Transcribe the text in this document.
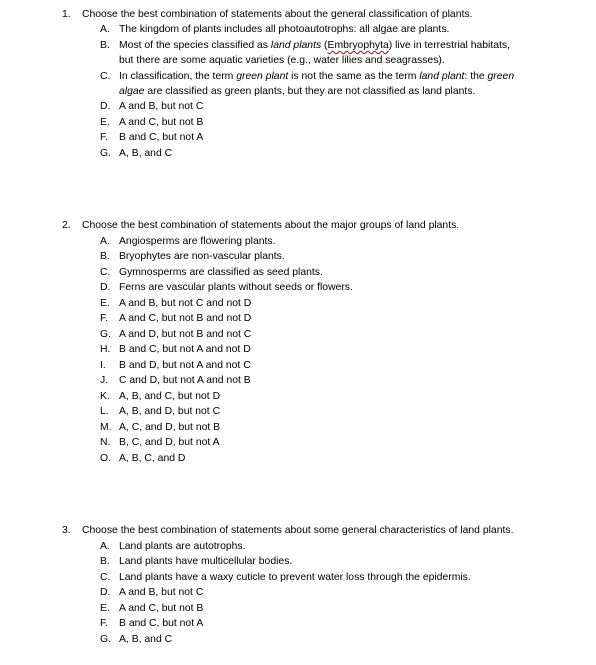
1. Choose the best combination of statements about the general classification of plants.
A. The kingdom of plants includes all photoautotrophs: all algae are plants.
B. Most of the species classified as land plants (Embryophyta) live in terrestrial habitats,
but there are some aquatic varieties (e.g., water lilies and seagrasses).
C. In classification, the term green plant is not the same as the term land plant: the green
algae are classified as green plants, but they are not classified as land plants.
D. A and B, but not C
E. A and C, but not B
F.	B and C, but not A
G. A, B, and C
2. Choose the best combination of statements about the major groups of land plants.
A. Angiosperms are flowering plants.
B. Bryophytes are non-vascular plants.
C. Gymnosperms are classified as seed plants.
D. Ferns are vascular plants without seeds or flowers.
E. A and B, but not C and not D
F.	A and C, but not B and not D
G. A and D, but not B and not C
H. B and C, but not A and not D
I.	B and D, but not A and not C
J.	C and D, but not A and not B
K. A, B, and C, but not D
L. A, B, and D, but not C
M. A, C, and D, but not B
N. B, C, and D, but not A
O. A, B, C, and D
3. Choose the best combination of statements about some general characteristics of land plants.
A. Land plants are autotrophs.
B. Land plants have multicellular bodies.
C. Land plants have a waxy cuticle to prevent water loss through the epidermis.
D. A and B, but not C
E. A and C, but not B
F.	B and C, but not A
G. A, B, and C
